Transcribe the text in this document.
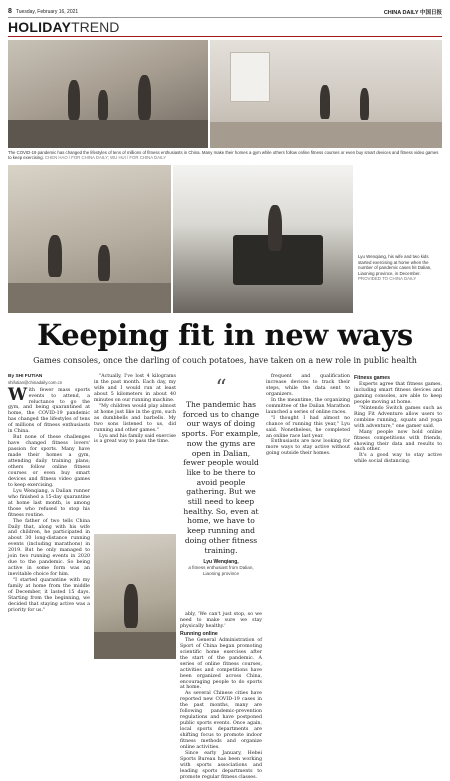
8 Tuesday, February 16, 2021	CHINA DAILY 中国日报
HOLIDAY TREND
The COVID-19 pandemic has changed the lifestyles of tens of millions of fitness enthusiasts in China. Many make their homes a gym while others follow online fitness courses or even buy smart devices and fitness video games to keep exercising. CHEN HAO / FOR CHINA DAILY; WU HUI / FOR CHINA DAILY
Lyu Wenqiang, his wife and two kids started exercising at home when the number of pandemic cases hit Dalian, Liaoning province, in December. PROVIDED TO CHINA DAILY
Keeping fit in new ways
Games consoles, once the darling of couch potatoes, have taken on a new role in public health
By SHI FUTIAN
shifutian@chinadaily.com.cn

With fewer mass sports events to attend, a reluctance to go the gym, and being quarantined at home, the COVID-19 pandemic has changed the lifestyles of tens of millions of fitness enthusiasts in China.

But none of these challenges have changed fitness lovers' passion for sports. Many have made their homes a gym, attending daily training plans; others follow online fitness courses or even buy smart devices and fitness video games to keep exercising.

Lyu Wenqiang, a Dalian runner who finished a 15-day quarantine at home last month, is among those who refused to stop his fitness routine.

The father of two tells China Daily that, along with his wife and children, he participated in about 30 long-distance running events (including marathons) in 2019. But he only managed to join two running events in 2020 due to the pandemic. So being active in some form was an inevitable choice for him.

"I started quarantine with my family at home from the middle of December, it lasted 15 days. Starting from the beginning, we decided that staying active was a priority for us."

"Actually, I've lost 4 kilograms in the past month. Each day, my wife and I would run at least about 5 kilometers in about 40 minutes on our running machine.

"My children would play almost at home just like in the gym, such as dumbbells and barbells. My two sons listened to us, did running and other games."

Lyu and his family said exercise is a great way to pass the time.

“
The pandemic has forced us to change our ways of doing sports. For example, now the gyms are open in Dalian, fewer people would like to be there to avoid people gathering. But we still need to keep healthy. So, even at home, we have to keep running and doing other fitness training.
Lyu Wenqiang,
a fitness enthusiast from Dalian, Liaoning province

ably, 'We can't just stop, so we need to make sure we stay physically healthy.'

Running online

The General Administration of Sport of China began promoting scientific home exercises after the start of the pandemic. A series of online fitness courses, activities and competitions have been organized across China, encouraging people to do sports at home.

As several Chinese cities have reported new COVID-19 cases in the past months, many are following pandemic-prevention regulations and have postponed public sports events. Once again, local sports departments are shifting focus to promote indoor fitness methods and organize online activities.

Since early January, Hebei Sports Bureau has been working with sports associations and leading sports departments to promote regular fitness classes.

frequent and qualification increase devices to track their steps, while the data sent to organizers.

In the meantime, the organizing committee of the Dalian Marathon launched a series of online races.

"I thought I had almost no chance of running this year," Lyu said. Nonetheless, he completed an online race last year.

Enthusiasts are now looking for more ways to stay active without going outside their homes.

Fitness games

Experts agree that fitness games, including smart fitness devices and gaming consoles, are able to keep people moving at home.

"Nintendo Switch games such as Ring Fit Adventure allow users to combine running, squats and yoga with adventure," one gamer said.

Many people now hold online fitness competitions with friends, showing their data and results to each other.

It's a good way to stay active while social distancing.
